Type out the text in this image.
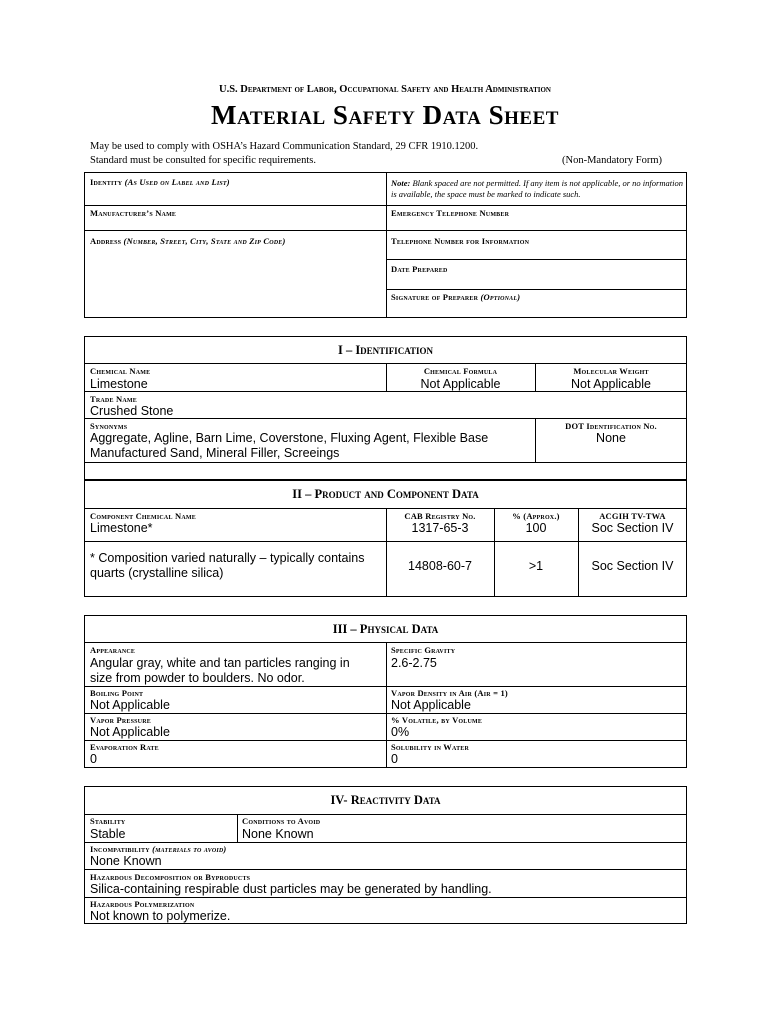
U.S. Department of Labor, Occupational Safety and Health Administration
Material Safety Data Sheet
May be used to comply with OSHA’s Hazard Communication Standard, 29 CFR 1910.1200.
Standard must be consulted for specific requirements.	(Non-Mandatory Form)
Identity (As Used on Label and List)	Note: Blank spaced are not permitted. If any item is not applicable, or no information is available, the space must be marked to indicate such.
Manufacturer’s Name	Emergency Telephone Number
Address (Number, Street, City, State and Zip Code)	Telephone Number for Information
Date Prepared
Signature of Preparer (Optional)
I – Identification
Chemical Name
Limestone
Chemical Formula
Not Applicable
Molecular Weight
Not Applicable
Trade Name
Crushed Stone
Synonyms
Aggregate, Agline, Barn Lime, Coverstone, Fluxing Agent, Flexible Base
Manufactured Sand, Mineral Filler, Screeings
DOT Identification No.
None
II – Product and Component Data
Component Chemical Name	CAB Registry No.	% (Approx.)	ACGIH TV-TWA
Limestone*	1317-65-3	100	Soc Section IV
* Composition varied naturally – typically contains
quarts (crystalline silica)	14808-60-7	>1	Soc Section IV
III – Physical Data
Appearance
Angular gray, white and tan particles ranging in
size from powder to boulders. No odor.
Specific Gravity
2.6-2.75
Boiling Point
Not Applicable
Vapor Density in Air (Air = 1)
Not Applicable
Vapor Pressure
Not Applicable
% Volatile, by Volume
0%
Evaporation Rate
0
Solubility in Water
0
IV- Reactivity Data
Stability
Stable
Conditions to Avoid
None Known
Incompatibility (materials to avoid)
None Known
Hazardous Decomposition or Byproducts
Silica-containing respirable dust particles may be generated by handling.
Hazardous Polymerization
Not known to polymerize.
